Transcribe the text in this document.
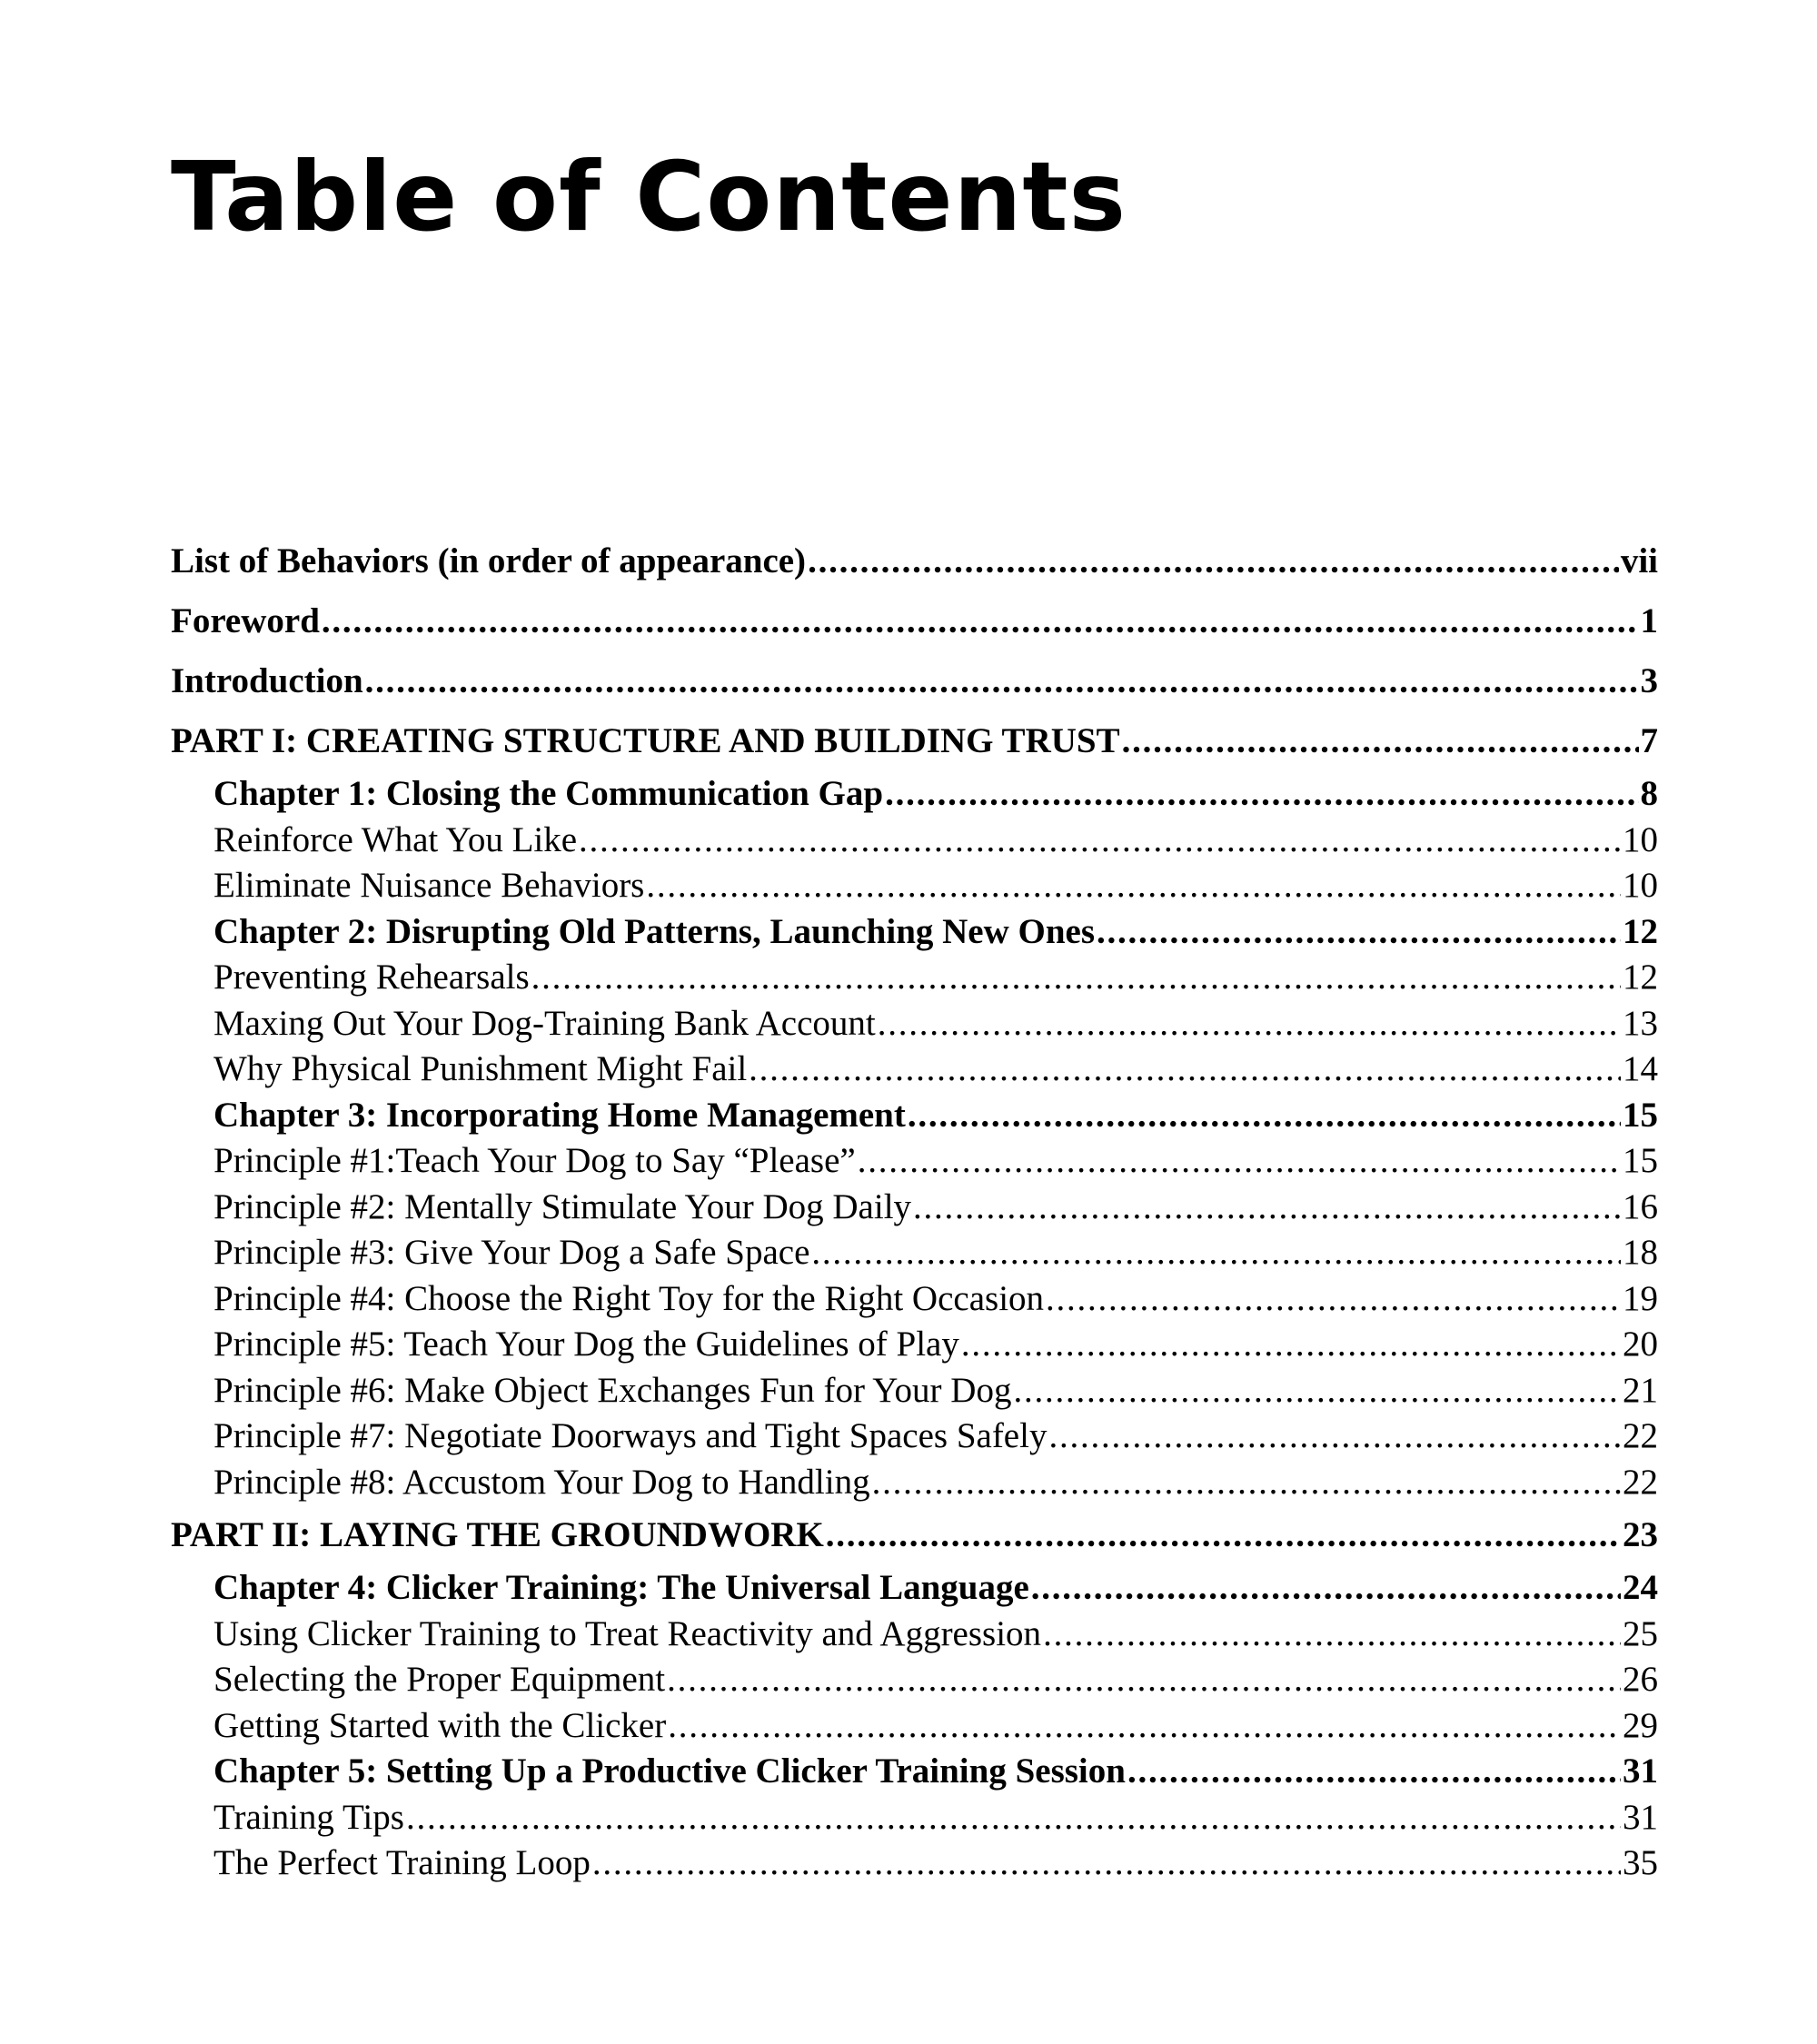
Table of Contents
List of Behaviors (in order of appearance) . . .	vii
Foreword . . .	1
Introduction . . .	3
PART I: CREATING STRUCTURE AND BUILDING TRUST . . .	7
Chapter 1: Closing the Communication Gap . . .	8
Reinforce What You Like . . .	10
Eliminate Nuisance Behaviors . . .	10
Chapter 2: Disrupting Old Patterns, Launching New Ones . . .	12
Preventing Rehearsals . . .	12
Maxing Out Your Dog-Training Bank Account . . .	13
Why Physical Punishment Might Fail . . .	14
Chapter 3: Incorporating Home Management . . .	15
Principle #1:Teach Your Dog to Say “Please” . . .	15
Principle #2: Mentally Stimulate Your Dog Daily . . .	16
Principle #3: Give Your Dog a Safe Space . . .	18
Principle #4: Choose the Right Toy for the Right Occasion . . .	19
Principle #5: Teach Your Dog the Guidelines of Play . . .	20
Principle #6: Make Object Exchanges Fun for Your Dog . . .	21
Principle #7: Negotiate Doorways and Tight Spaces Safely . . .	22
Principle #8: Accustom Your Dog to Handling . . .	22
PART II: LAYING THE GROUNDWORK . . .	23
Chapter 4: Clicker Training: The Universal Language . . .	24
Using Clicker Training to Treat Reactivity and Aggression . . .	25
Selecting the Proper Equipment . . .	26
Getting Started with the Clicker . . .	29
Chapter 5: Setting Up a Productive Clicker Training Session . . .	31
Training Tips . . .	31
The Perfect Training Loop . . .	35
